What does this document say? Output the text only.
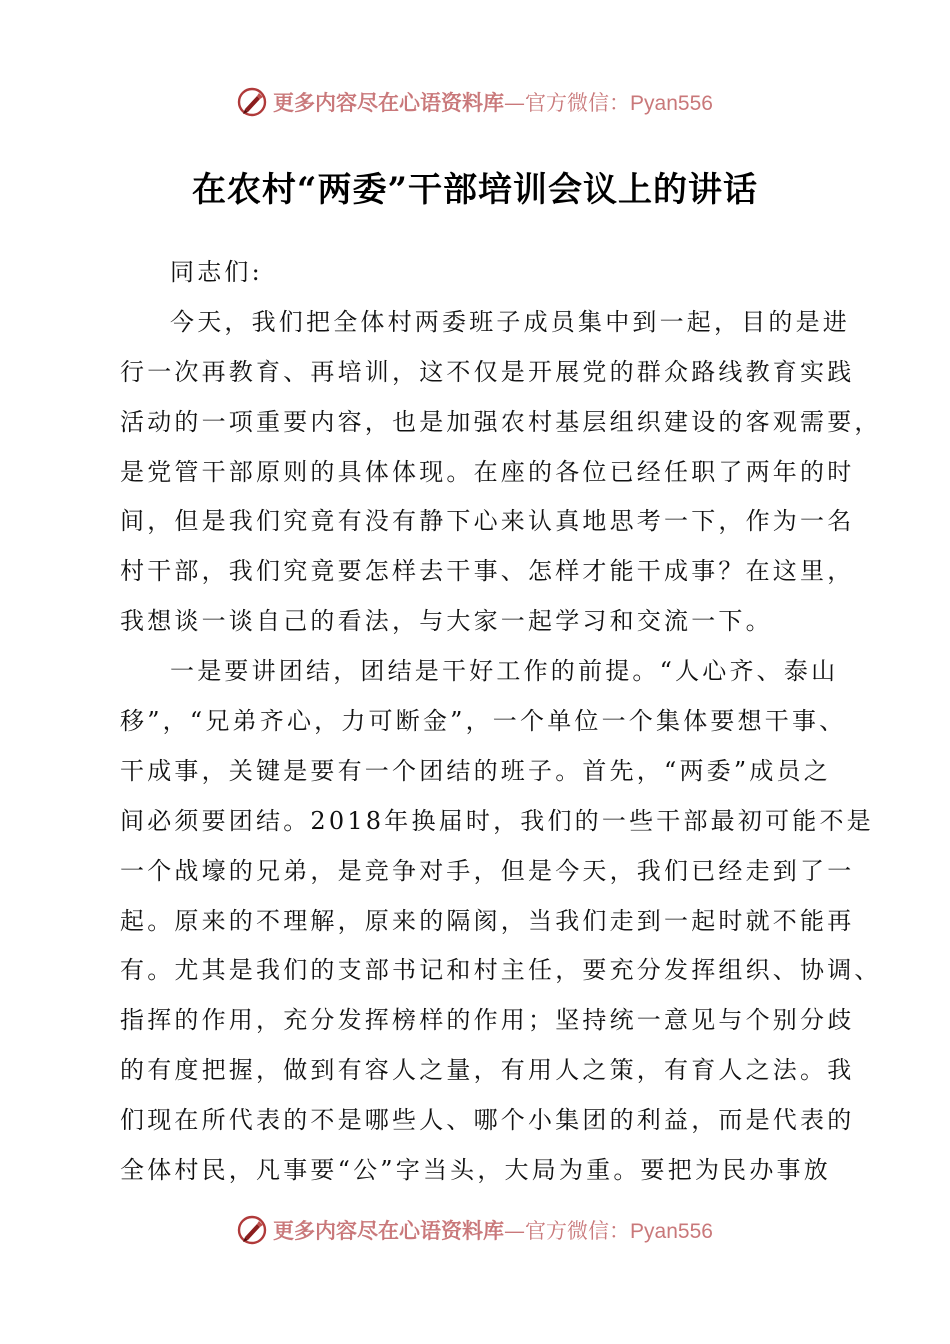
更多内容尽在心语资料库—官方微信：Pyan556
在农村“两委”干部培训会议上的讲话
同志们:
今天，我们把全体村两委班子成员集中到一起，目的是进
行一次再教育、再培训，这不仅是开展党的群众路线教育实践
活动的一项重要内容，也是加强农村基层组织建设的客观需要，
是党管干部原则的具体体现。在座的各位已经任职了两年的时
间，但是我们究竟有没有静下心来认真地思考一下，作为一名
村干部，我们究竟要怎样去干事、怎样才能干成事？在这里，
我想谈一谈自己的看法，与大家一起学习和交流一下。
一是要讲团结，团结是干好工作的前提。“人心齐、泰山
移”，“兄弟齐心，力可断金”，一个单位一个集体要想干事、
干成事，关键是要有一个团结的班子。首先，“两委”成员之
间必须要团结。2018年换届时，我们的一些干部最初可能不是
一个战壕的兄弟，是竞争对手，但是今天，我们已经走到了一
起。原来的不理解，原来的隔阂，当我们走到一起时就不能再
有。尤其是我们的支部书记和村主任，要充分发挥组织、协调、
指挥的作用，充分发挥榜样的作用；坚持统一意见与个别分歧
的有度把握，做到有容人之量，有用人之策，有育人之法。我
们现在所代表的不是哪些人、哪个小集团的利益，而是代表的
全体村民，凡事要“公”字当头，大局为重。要把为民办事放
更多内容尽在心语资料库—官方微信：Pyan556
